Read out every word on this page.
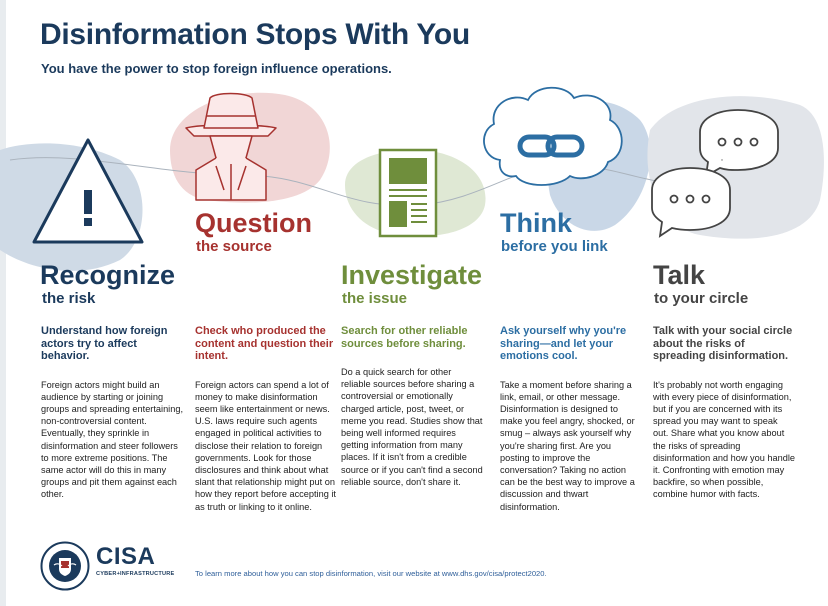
Disinformation Stops With You

You have the power to stop foreign influence operations.

Recognize
the risk
Question
the source
Investigate
the issue
Think
before you link
Talk
to your circle
Understand how foreign actors try to affect behavior.

Foreign actors might build an audience by starting or joining groups and spreading entertaining, non-controversial content. Eventually, they sprinkle in disinformation and steer followers to more extreme positions. The same actor will do this in many groups and pit them against each other.

Check who produced the content and question their intent.

Foreign actors can spend a lot of money to make disinformation seem like entertainment or news. U.S. laws require such agents engaged in political activities to disclose their relation to foreign governments. Look for those disclosures and think about what slant that relationship might put on how they report before accepting it as truth or linking to it online.

Search for other reliable sources before sharing.

Do a quick search for other reliable sources before sharing a controversial or emotionally charged article, post, tweet, or meme you read. Studies show that being well informed requires getting information from many places. If it isn't from a credible source or if you can't find a second reliable source, don't share it.

Ask yourself why you're sharing—and let your emotions cool.

Take a moment before sharing a link, email, or other message. Disinformation is designed to make you feel angry, shocked, or smug – always ask yourself why you're sharing first. Are you posting to improve the conversation? Taking no action can be the best way to improve a discussion and thwart disinformation.

Talk with your social circle about the risks of spreading disinformation.

It's probably not worth engaging with every piece of disinformation, but if you are concerned with its spread you may want to speak out. Share what you know about the risks of spreading disinformation and how you handle it. Confronting with emotion may backfire, so when possible, combine humor with facts.

CISA
CYBER+INFRASTRUCTURE	To learn more about how you can stop disinformation, visit our website at www.dhs.gov/cisa/protect2020.
